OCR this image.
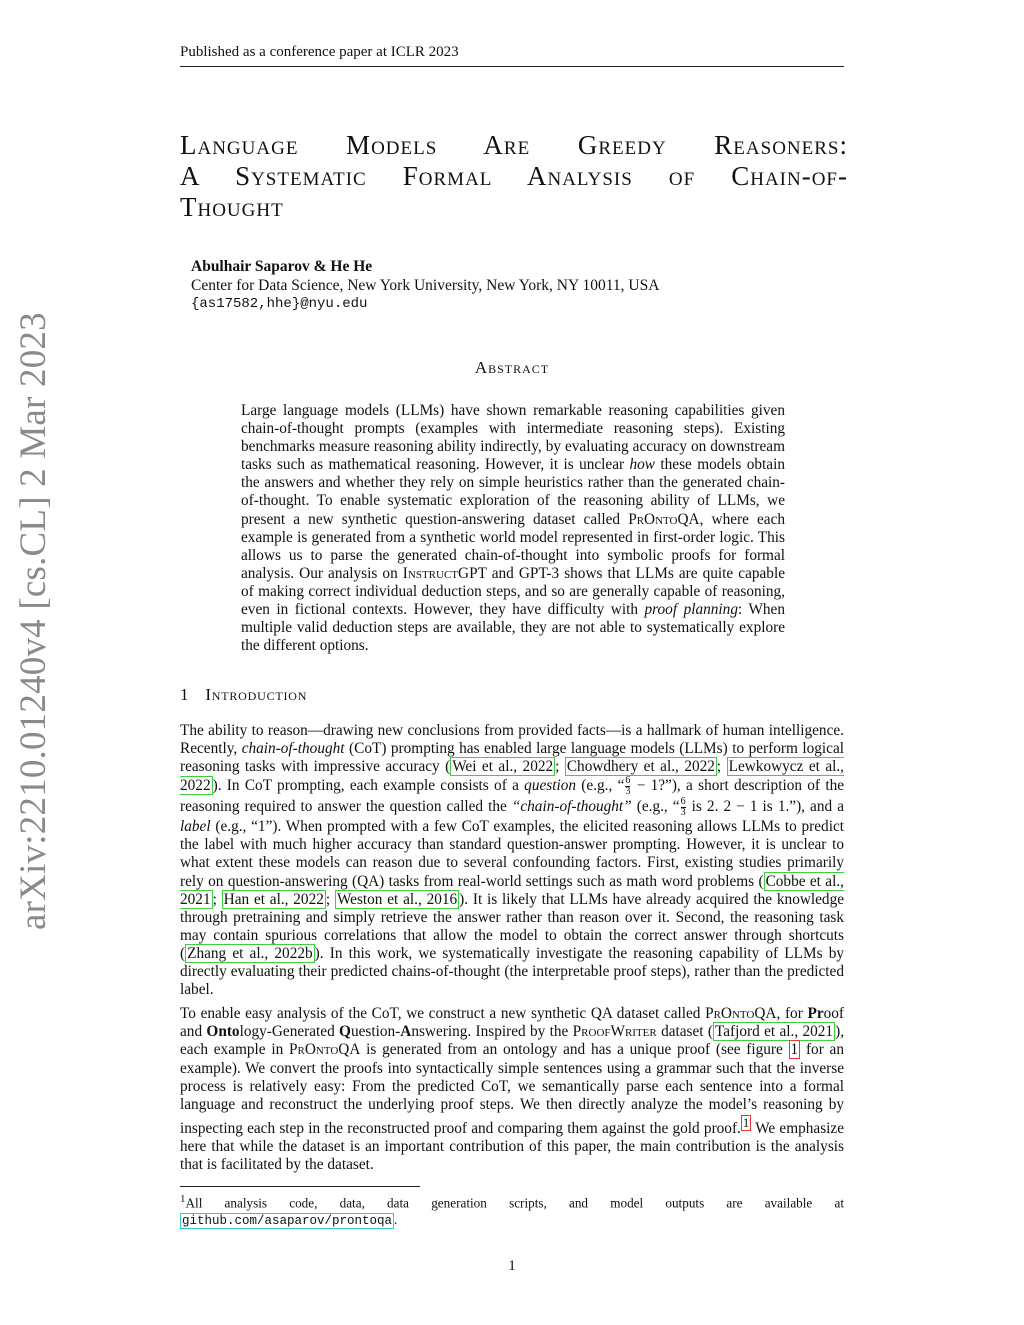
Published as a conference paper at ICLR 2023
arXiv:2210.01240v4 [cs.CL] 2 Mar 2023
Language Models Are Greedy Reasoners:
A Systematic Formal Analysis of Chain-of-
Thought
Abulhair Saparov & He He
Center for Data Science, New York University, New York, NY 10011, USA
{as17582,hhe}@nyu.edu
Abstract
Large language models (LLMs) have shown remarkable reasoning capabilities given chain-of-thought prompts (examples with intermediate reasoning steps). Existing benchmarks measure reasoning ability indirectly, by evaluating accuracy on downstream tasks such as mathematical reasoning. However, it is unclear how these models obtain the answers and whether they rely on simple heuristics rather than the generated chain-of-thought. To enable systematic exploration of the reasoning ability of LLMs, we present a new synthetic question-answering dataset called PrOntoQA, where each example is generated from a synthetic world model represented in first-order logic. This allows us to parse the generated chain-of-thought into symbolic proofs for formal analysis. Our analysis on InstructGPT and GPT-3 shows that LLMs are quite capable of making correct individual deduction steps, and so are generally capable of reasoning, even in fictional contexts. However, they have difficulty with proof planning: When multiple valid deduction steps are available, they are not able to systematically explore the different options.
1 Introduction

The ability to reason—drawing new conclusions from provided facts—is a hallmark of human intelligence. Recently, chain-of-thought (CoT) prompting has enabled large language models (LLMs) to perform logical reasoning tasks with impressive accuracy ( Wei et al., 2022 ; Chowdhery et al., 2022 ; Lewkowycz et al., 2022 ). In CoT prompting, each example consists of a question (e.g., “ $\frac{6}{3}$ − 1?”), a short description of the reasoning required to answer the question called the “chain-of-thought” (e.g., “ $\frac{6}{3}$ is 2. 2 − 1 is 1.”), and a label (e.g., “1”). When prompted with a few CoT examples, the elicited reasoning allows LLMs to predict the label with much higher accuracy than standard question-answer prompting. However, it is unclear to what extent these models can reason due to several confounding factors. First, existing studies primarily rely on question-answering (QA) tasks from real-world settings such as math word problems ( Cobbe et al., 2021 ; Han et al., 2022 ; Weston et al., 2016 ). It is likely that LLMs have already acquired the knowledge through pretraining and simply retrieve the answer rather than reason over it. Second, the reasoning task may contain spurious correlations that allow the model to obtain the correct answer through shortcuts ( Zhang et al., 2022b ). In this work, we systematically investigate the reasoning capability of LLMs by directly evaluating their predicted chains-of-thought (the interpretable proof steps), rather than the predicted label.

To enable easy analysis of the CoT, we construct a new synthetic QA dataset called PrOntoQA, for Proof and Ontology-Generated Question-Answering. Inspired by the ProofWriter dataset ( Tafjord et al., 2021 ), each example in PrOntoQA is generated from an ontology and has a unique proof (see figure 1 for an example). We convert the proofs into syntactically simple sentences using a grammar such that the inverse process is relatively easy: From the predicted CoT, we semantically parse each sentence into a formal language and reconstruct the underlying proof steps. We then directly analyze the model’s reasoning by inspecting each step in the reconstructed proof and comparing them against the gold proof. $^1$ We emphasize here that while the dataset is an important contribution of this paper, the main contribution is the analysis that is facilitated by the dataset.

$^1$All analysis code, data, data generation scripts, and model outputs are available at
github.com/asaparov/prontoqa .
1
